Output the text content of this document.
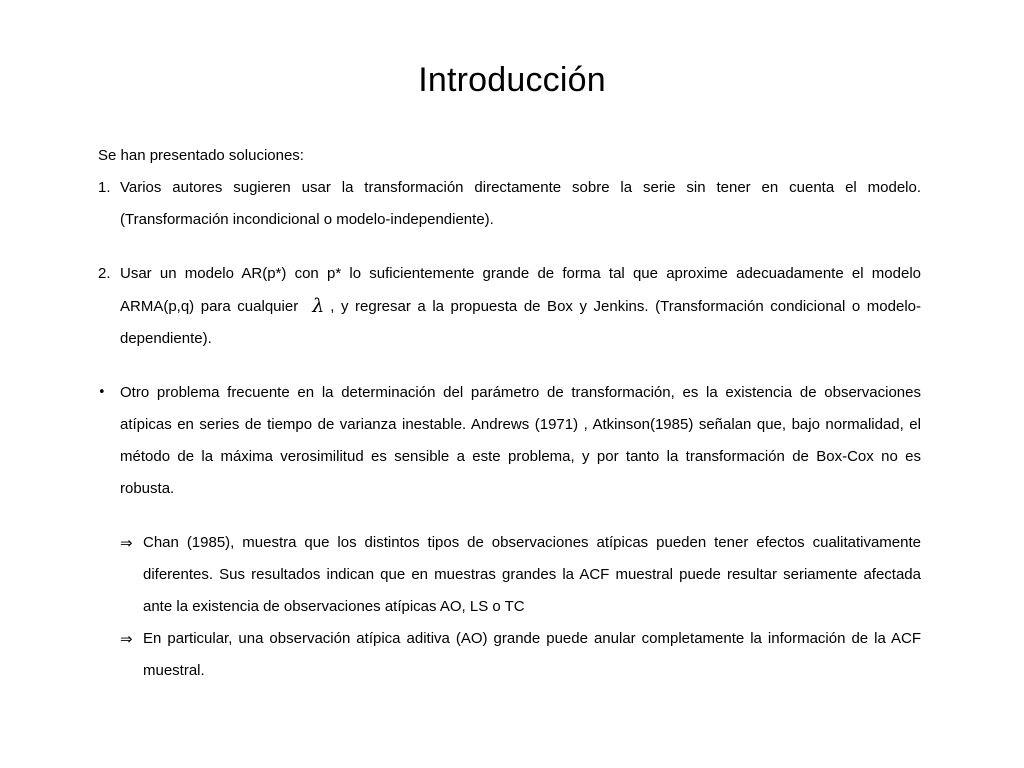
Introducción

Se han presentado soluciones:

1. Varios autores sugieren usar la transformación directamente sobre la serie sin tener en cuenta el modelo. (Transformación incondicional o modelo-independiente).
2. Usar un modelo AR(p*) con p* lo suficientemente grande de forma tal que aproxime adecuadamente el modelo ARMA(p,q) para cualquier λ , y regresar a la propuesta de Box y Jenkins. (Transformación condicional o modelo-dependiente).
• Otro problema frecuente en la determinación del parámetro de transformación, es la existencia de observaciones atípicas en series de tiempo de varianza inestable. Andrews (1971) , Atkinson(1985) señalan que, bajo normalidad, el método de la máxima verosimilitud es sensible a este problema, y por tanto la transformación de Box-Cox no es robusta.
⇒ Chan (1985), muestra que los distintos tipos de observaciones atípicas pueden tener efectos cualitativamente diferentes. Sus resultados indican que en muestras grandes la ACF muestral puede resultar seriamente afectada ante la existencia de observaciones atípicas AO, LS o TC
⇒ En particular, una observación atípica aditiva (AO) grande puede anular completamente la información de la ACF muestral.
